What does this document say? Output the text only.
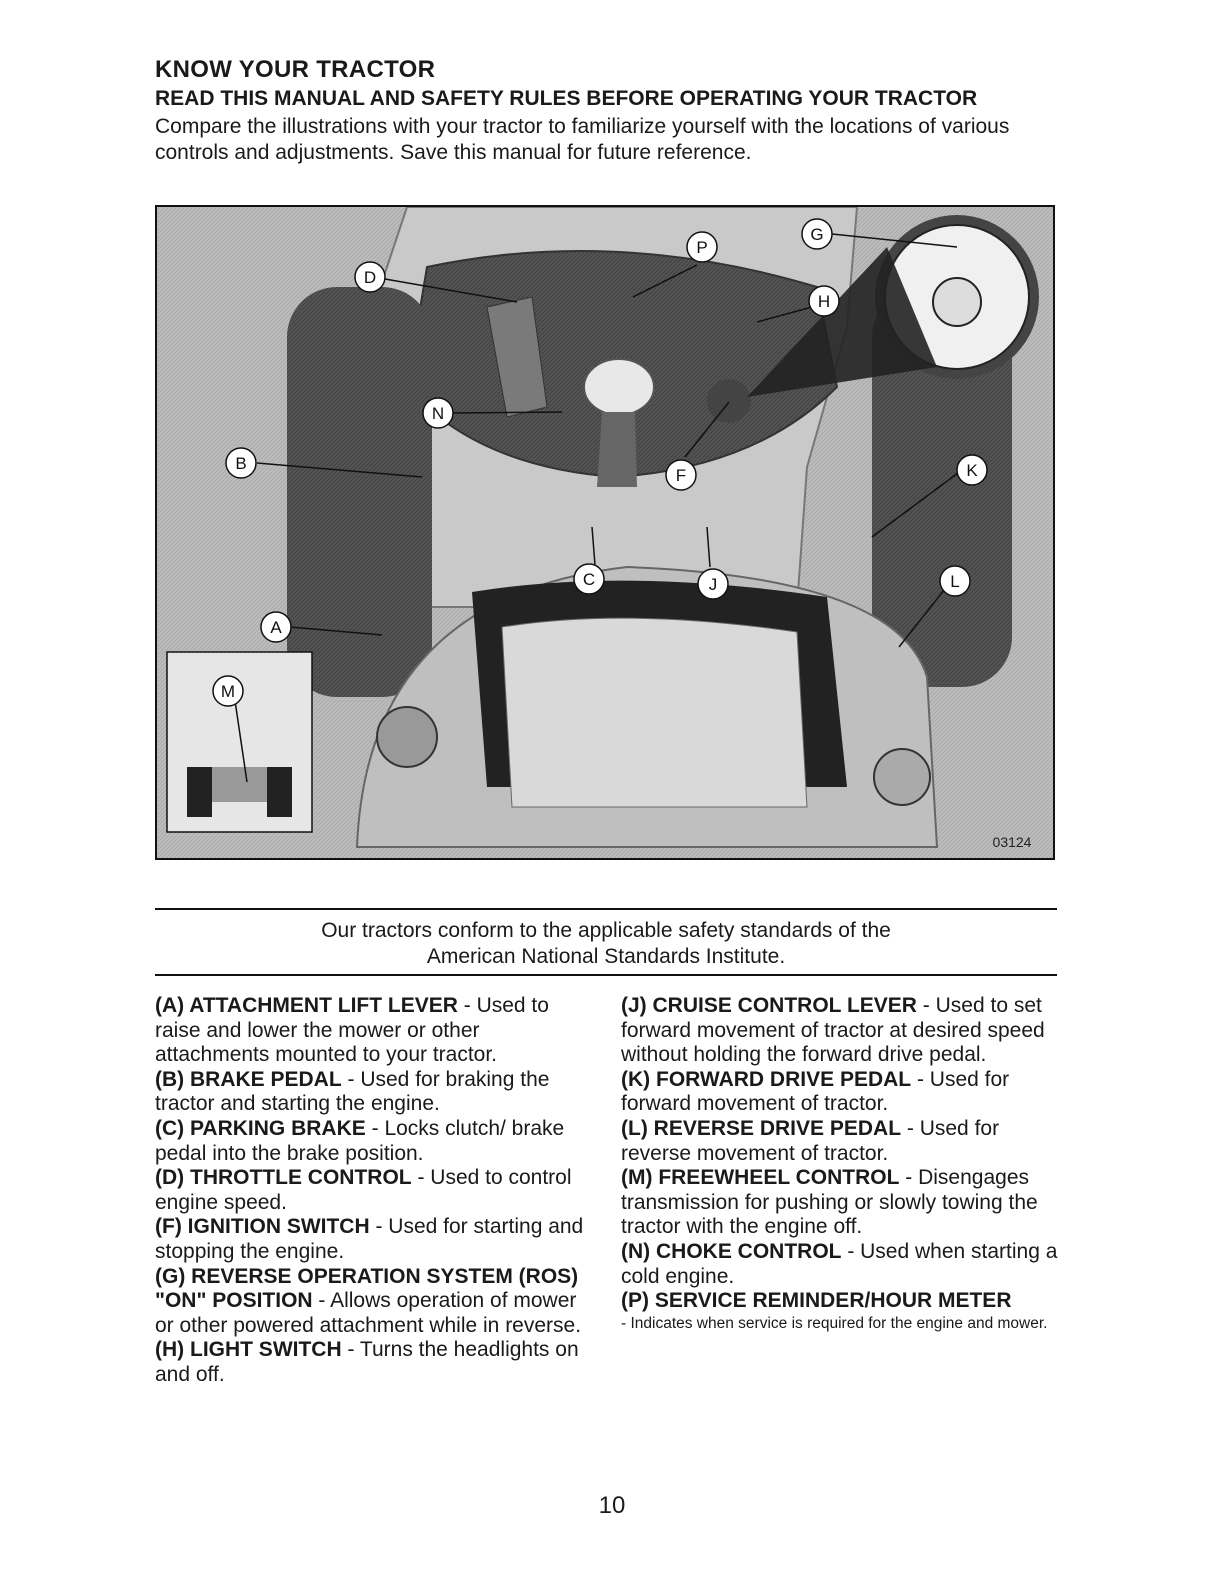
KNOW YOUR TRACTOR
READ THIS MANUAL AND SAFETY RULES BEFORE OPERATING YOUR TRACTOR
Compare the illustrations with your tractor to familiarize yourself with the locations of various controls and adjustments. Save this manual for future reference.
P
G
D
H
N
B
F	K
C	J	L
A
M
03124
Our tractors conform to the applicable safety standards of the
American National Standards Institute.

(A) ATTACHMENT LIFT LEVER - Used to raise and lower the mower or other attachments mounted to your tractor.

(B) BRAKE PEDAL - Used for braking the tractor and starting the engine.

(C) PARKING BRAKE - Locks clutch/ brake pedal into the brake position.

(D) THROTTLE CONTROL - Used to control engine speed.

(F) IGNITION SWITCH - Used for starting and stopping the engine.

(G) REVERSE OPERATION SYSTEM (ROS) "ON" POSITION - Allows operation of mower or other powered attachment while in reverse.

(H) LIGHT SWITCH - Turns the headlights on and off.

(J) CRUISE CONTROL LEVER - Used to set forward movement of tractor at desired speed without holding the forward drive pedal.

(K) FORWARD DRIVE PEDAL - Used for forward movement of tractor.

(L) REVERSE DRIVE PEDAL - Used for reverse movement of tractor.

(M) FREEWHEEL CONTROL - Disengages transmission for pushing or slowly towing the tractor with the engine off.

(N) CHOKE CONTROL - Used when starting a cold engine.

(P) SERVICE REMINDER/HOUR METER
- Indicates when service is required for the engine and mower.

10
